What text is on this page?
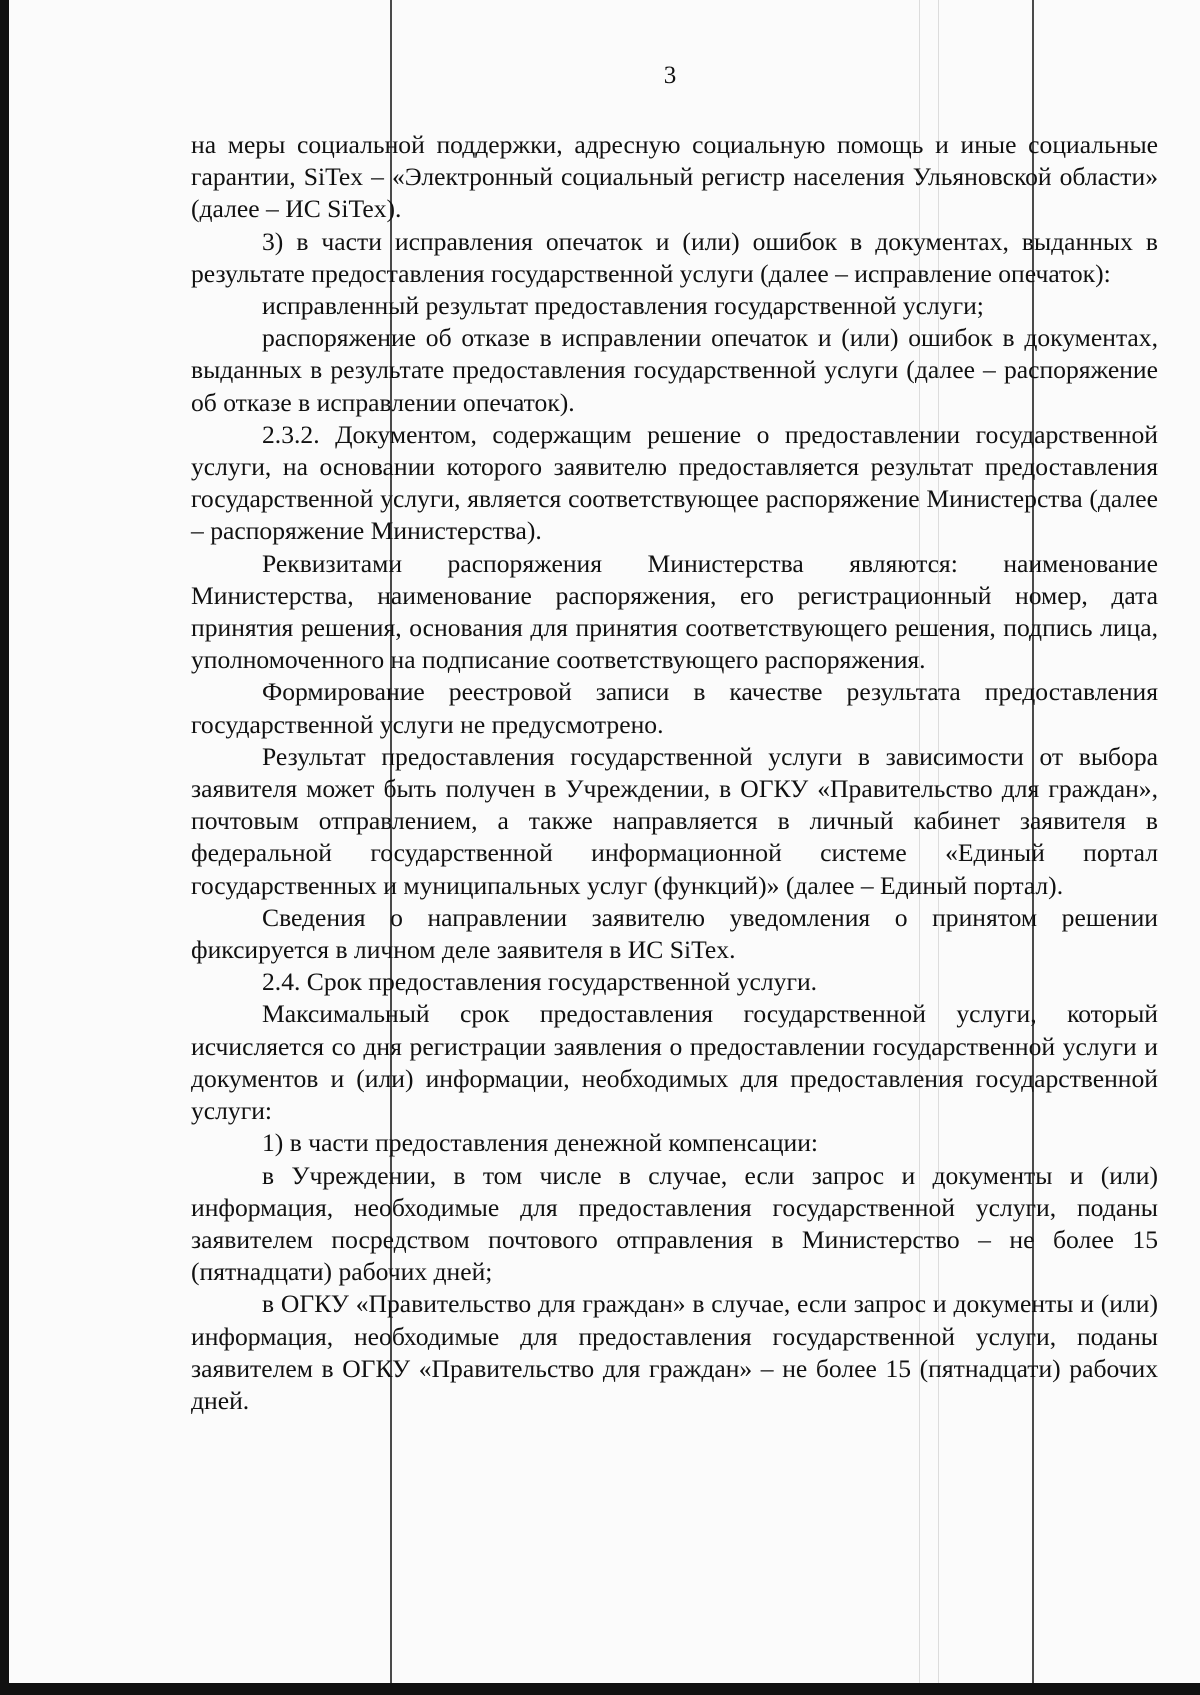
3

на меры социальной поддержки, адресную социальную помощь и иные социальные гарантии, SiTex – «Электронный социальный регистр населения Ульяновской области» (далее – ИС SiTex).

3) в части исправления опечаток и (или) ошибок в документах, выданных в результате предоставления государственной услуги (далее – исправление опечаток):

исправленный результат предоставления государственной услуги;

распоряжение об отказе в исправлении опечаток и (или) ошибок в документах, выданных в результате предоставления государственной услуги (далее – распоряжение об отказе в исправлении опечаток).

2.3.2. Документом, содержащим решение о предоставлении государственной услуги, на основании которого заявителю предоставляется результат предоставления государственной услуги, является соответствующее распоряжение Министерства (далее – распоряжение Министерства).

Реквизитами распоряжения Министерства являются: наименование Министерства, наименование распоряжения, его регистрационный номер, дата принятия решения, основания для принятия соответствующего решения, подпись лица, уполномоченного на подписание соответствующего распоряжения.

Формирование реестровой записи в качестве результата предоставления государственной услуги не предусмотрено.

Результат предоставления государственной услуги в зависимости от выбора заявителя может быть получен в Учреждении, в ОГКУ «Правительство для граждан», почтовым отправлением, а также направляется в личный кабинет заявителя в федеральной государственной информационной системе «Единый портал государственных и муниципальных услуг (функций)» (далее – Единый портал).

Сведения о направлении заявителю уведомления о принятом решении фиксируется в личном деле заявителя в ИС SiTex.

2.4. Срок предоставления государственной услуги.

Максимальный срок предоставления государственной услуги, который исчисляется со дня регистрации заявления о предоставлении государственной услуги и документов и (или) информации, необходимых для предоставления государственной услуги:

1) в части предоставления денежной компенсации:

в Учреждении, в том числе в случае, если запрос и документы и (или) информация, необходимые для предоставления государственной услуги, поданы заявителем посредством почтового отправления в Министерство – не более 15 (пятнадцати) рабочих дней;

в ОГКУ «Правительство для граждан» в случае, если запрос и документы и (или) информация, необходимые для предоставления государственной услуги, поданы заявителем в ОГКУ «Правительство для граждан» – не более 15 (пятнадцати) рабочих дней.
